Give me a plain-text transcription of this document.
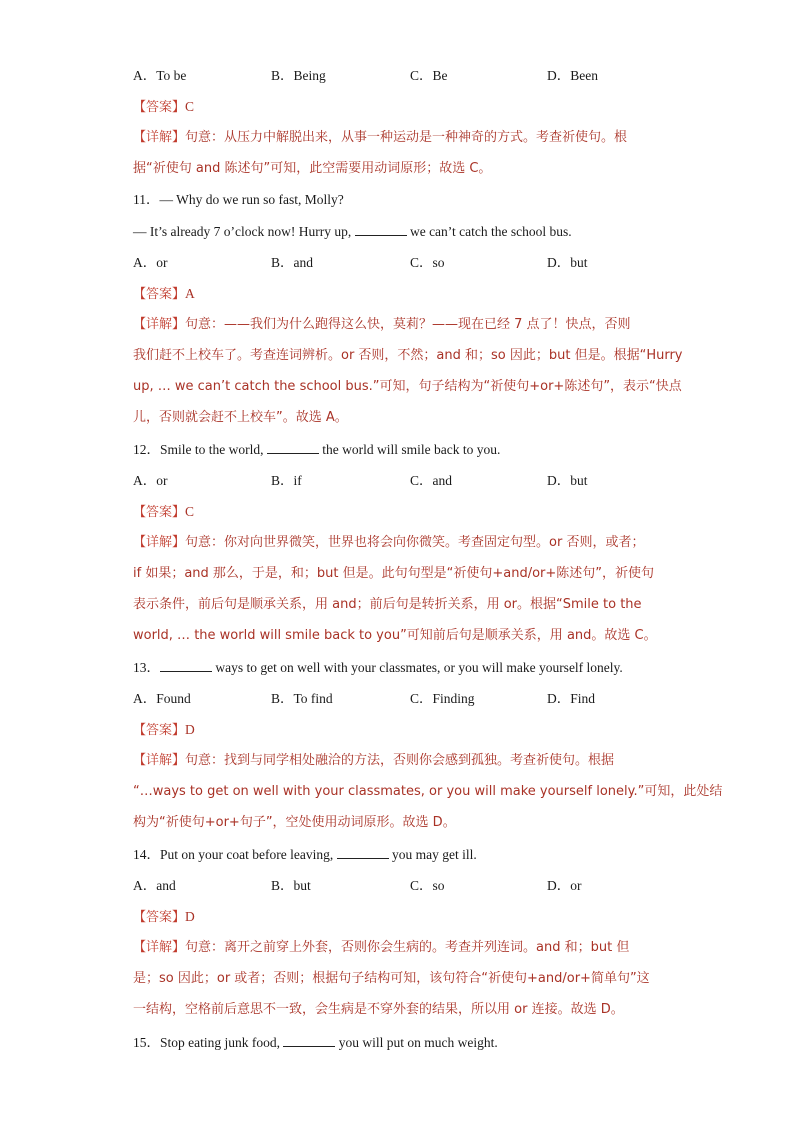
A．To be	B．Being	C．Be	D．Been
【答案】C
【详解】句意：从压力中解脱出来，从事一种运动是一种神奇的方式。考查祈使句。根
据“祈使句 and 陈述句”可知，此空需要用动词原形；故选 C。
11．— Why do we run so fast, Molly?
— It’s already 7 o’clock now! Hurry up,	we can’t catch the school bus.
A．or	B．and	C．so	D．but
【答案】A
【详解】句意：——我们为什么跑得这么快，莫莉？——现在已经 7 点了！快点，否则
我们赶不上校车了。考查连词辨析。or 否则，不然；and 和；so 因此；but 但是。根据“Hurry
up, … we can’t catch the school bus.”可知，句子结构为“祈使句+or+陈述句”，表示“快点
儿，否则就会赶不上校车”。故选 A。
12．Smile to the world,	the world will smile back to you.
A．or	B．if	C．and	D．but
【答案】C
【详解】句意：你对向世界微笑，世界也将会向你微笑。考查固定句型。or 否则，或者；
if 如果；and 那么，于是，和；but 但是。此句句型是“祈使句+and/or+陈述句”，祈使句
表示条件，前后句是顺承关系，用 and；前后句是转折关系，用 or。根据“Smile to the
world, … the world will smile back to you”可知前后句是顺承关系，用 and。故选 C。
13．	ways to get on well with your classmates, or you will make yourself lonely.
A．Found	B．To find	C．Finding	D．Find
【答案】D
【详解】句意：找到与同学相处融洽的方法，否则你会感到孤独。考查祈使句。根据
“…ways to get on well with your classmates, or you will make yourself lonely.”可知，此处结
构为“祈使句+or+句子”，空处使用动词原形。故选 D。
14．Put on your coat before leaving,	you may get ill.
A．and	B．but	C．so	D．or
【答案】D
【详解】句意：离开之前穿上外套，否则你会生病的。考查并列连词。and 和；but 但
是；so 因此；or 或者；否则；根据句子结构可知，该句符合“祈使句+and/or+简单句”这
一结构，空格前后意思不一致，会生病是不穿外套的结果，所以用 or 连接。故选 D。
15．Stop eating junk food,	you will put on much weight.
